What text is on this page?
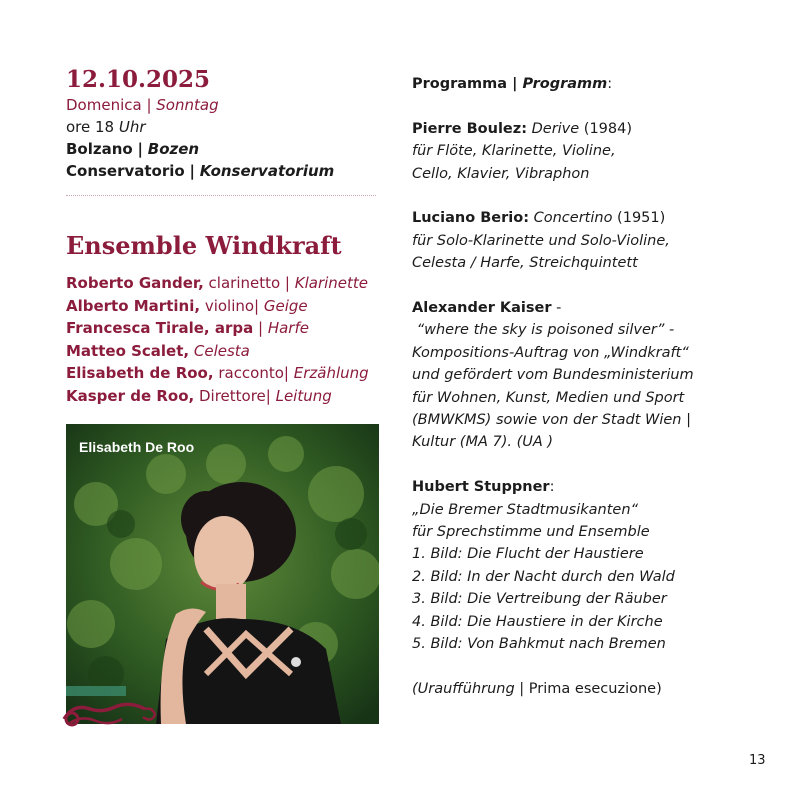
12.10.2025
Domenica | Sonntag
ore 18 Uhr
Bolzano | Bozen
Conservatorio | Konservatorium
Ensemble Windkraft
Roberto Gander, clarinetto | Klarinette
Alberto Martini, violino| Geige
Francesca Tirale, arpa | Harfe
Matteo Scalet, Celesta
Elisabeth de Roo, racconto| Erzählung
Kasper de Roo, Direttore| Leitung
Elisabeth De Roo

Programma | Programm:

Pierre Boulez: Derive (1984)

für Flöte, Klarinette, Violine,

Cello, Klavier, Vibraphon

Luciano Berio: Concertino (1951)

für Solo-Klarinette und Solo-Violine,

Celesta / Harfe, Streichquintett

Alexander Kaiser -

“where the sky is poisoned silver” -

Kompositions-Auftrag von „Windkraft“

und gefördert vom Bundesministerium

für Wohnen, Kunst, Medien und Sport

(BMWKMS) sowie von der Stadt Wien |

Kultur (MA 7). (UA )

Hubert Stuppner:

„Die Bremer Stadtmusikanten“

für Sprechstimme und Ensemble

1. Bild: Die Flucht der Haustiere

2. Bild: In der Nacht durch den Wald

3. Bild: Die Vertreibung der Räuber

4. Bild: Die Haustiere in der Kirche

5. Bild: Von Bahkmut nach Bremen

(Uraufführung | Prima esecuzione)

13
